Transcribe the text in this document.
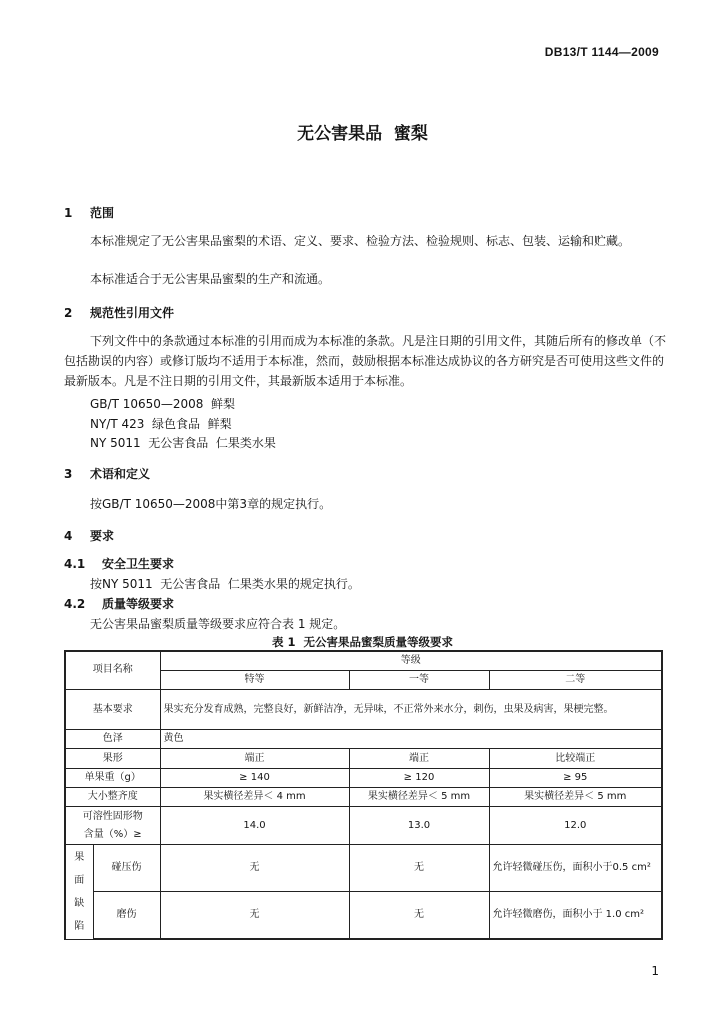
DB13/T 1144—2009

无公害果品  蜜梨
1 范围

本标准规定了无公害果品蜜梨的术语、定义、要求、检验方法、检验规则、标志、包装、运输和贮藏。

本标准适合于无公害果品蜜梨的生产和流通。

2 规范性引用文件

下列文件中的条款通过本标准的引用而成为本标准的条款。凡是注日期的引用文件，其随后所有的修改单（不包括勘误的内容）或修订版均不适用于本标准，然而，鼓励根据本标准达成协议的各方研究是否可使用这些文件的最新版本。凡是不注日期的引用文件，其最新版本适用于本标准。

GB/T 10650—2008  鲜梨

NY/T 423  绿色食品  鲜梨

NY 5011  无公害食品  仁果类水果

3 术语和定义

按GB/T 10650—2008中第3章的规定执行。

4 要求
4.1 安全卫生要求

按NY 5011  无公害食品  仁果类水果的规定执行。

4.2 质量等级要求

无公害果品蜜梨质量等级要求应符合表 1 规定。

表 1  无公害果品蜜梨质量等级要求

项目名称		等级		
		特等	一等	二等
基本要求		果实充分发育成熟，完整良好，新鲜洁净，无异味，不正常外来水分，刺伤，虫果及病害，果梗完整。		
色泽		黄色		
果形		端正	端正	比较端正
单果重（g）		≥ 140	≥ 120	≥ 95
大小整齐度		果实横径差异＜ 4 mm	果实横径差异＜ 5 mm	果实横径差异＜ 5 mm
可溶性固形物
含量（%）≥		14.0	13.0	12.0
果
面
缺
陷	碰压伤	无	无	允许轻微碰压伤，面积小于0.5 cm²
	磨伤	无	无	允许轻微磨伤，面积小于 1.0 cm²

1
